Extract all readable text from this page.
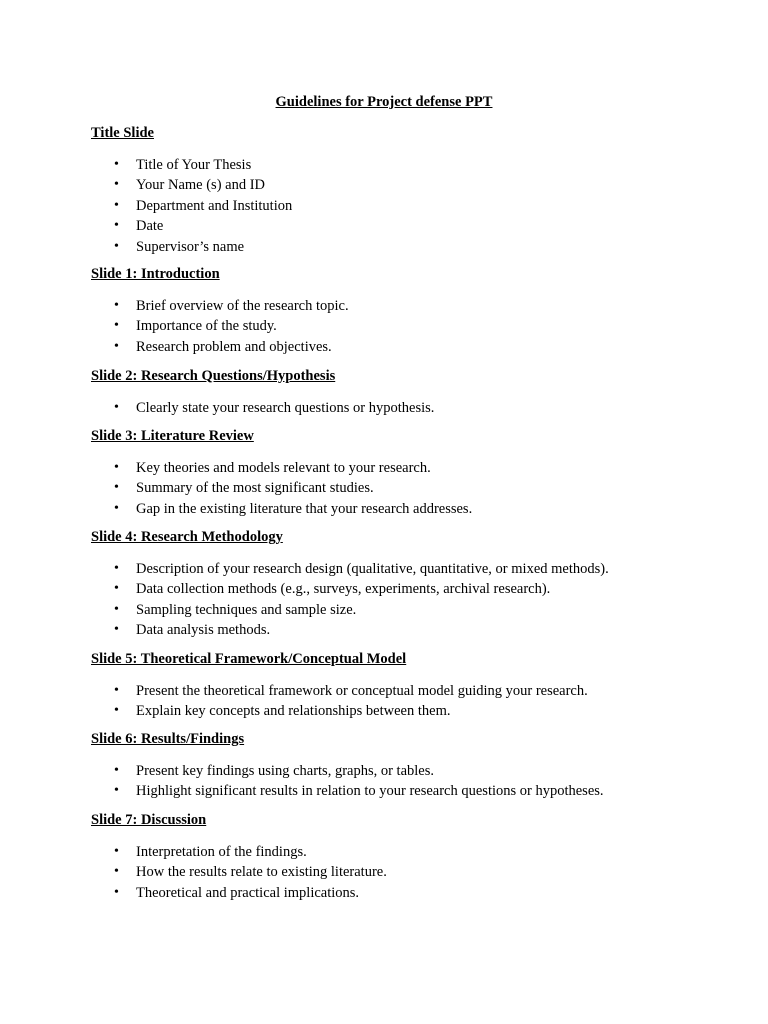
Guidelines for Project defense PPT
Title Slide
• Title of Your Thesis
• Your Name (s) and ID
• Department and Institution
• Date
• Supervisor’s name
Slide 1: Introduction
• Brief overview of the research topic.
• Importance of the study.
• Research problem and objectives.
Slide 2: Research Questions/Hypothesis
• Clearly state your research questions or hypothesis.
Slide 3: Literature Review
• Key theories and models relevant to your research.
• Summary of the most significant studies.
• Gap in the existing literature that your research addresses.
Slide 4: Research Methodology
• Description of your research design (qualitative, quantitative, or mixed methods).
• Data collection methods (e.g., surveys, experiments, archival research).
• Sampling techniques and sample size.
• Data analysis methods.
Slide 5: Theoretical Framework/Conceptual Model
• Present the theoretical framework or conceptual model guiding your research.
• Explain key concepts and relationships between them.
Slide 6: Results/Findings
• Present key findings using charts, graphs, or tables.
• Highlight significant results in relation to your research questions or hypotheses.
Slide 7: Discussion
• Interpretation of the findings.
• How the results relate to existing literature.
• Theoretical and practical implications.
